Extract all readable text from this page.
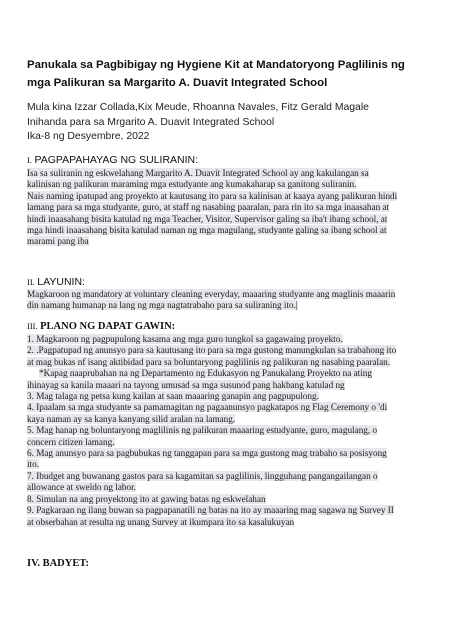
Panukala sa Pagbibigay ng Hygiene Kit at Mandatoryong Paglilinis ng
mga Palikuran sa Margarito A. Duavit Integrated School
Mula kina Izzar Collada,Kix Meude, Rhoanna Navales, Fitz Gerald Magale
Inihanda para sa Mrgarito A. Duavit Integrated School
Ika-8 ng Desyembre, 2022
I. PAGPAPAHAYAG NG SULIRANIN:
Isa sa suliranin ng eskwelahang Margarito A. Duavit Integrated School ay ang kakulangan sa
kalinisan ng palikuran maraming mga estudyante ang kumakaharap sa ganitong suliranin.
Nais naming ipatupad ang proyekto at kautusang ito para sa kalinisan at kaaya ayang palikuran hindi
lamang para sa mga studyante, guro, at staff ng nasabing paaralan, para rin ito sa mga inaasahan at
hindi inaasahang bisita katulad ng mga Teacher, Visitor, Supervisor galing sa iba't ibang school, at
mga hindi inaasahang bisita katulad naman ng mga magulang, studyante galing sa ibang school at
marami pang iba
II. LAYUNIN:
Magkaroon ng mandatory at voluntary cleaning everyday, maaaring studyante ang maglinis maaarin
din namang humanap na lang ng mga nagtatrabaho para sa suliraning ito.|
III. PLANO NG DAPAT GAWIN:
1. Magkaroon ng pagpupulong kasama ang mga guro tungkol sa gagawaing proyekto.
2. .Pagpatupad ng anunsyo para sa kautusang ito para sa mga gustong manungkulan sa trabahong ito
at mag bukas nf isang aktibidad para sa boluntaryong paglilinis ng palikuran ng nasabing paaralan.
*Kapag naaprubahan na ng Departamento ng Edukasyon ng Panukalang Proyekto na ating
ihinayag sa kanila maaari na tayong umusad sa mga susunod pang hakbang katulad ng
3. Mag talaga ng petsa kung kailan at saan maaaring ganapin ang pagpupulong.
4. Ipaalam sa mga studyante sa pamamagitan ng pagaanunsyo pagkatapos ng Flag Ceremony o 'di
kaya naman ay sa kanya kanyang silid aralan na lamang.
5. Mag hanap ng boluntaryong maglilinis ng palikuran maaaring estudyante, guro, magulang, o
concern citizen lamang.
6. Mag anunsyo para sa pagbubukas ng tanggapan para sa mga gustong mag trabaho sa posisyong
ito.
7. Ibudget ang buwanang gastos para sa kagamitan sa paglilinis, lingguhang pangangailangan o
allowance at sweldo ng labor.
8. Simulan na ang proyektong ito at gawing batas ng eskwelahan
9. Pagkaraan ng ilang buwan sa pagpapanatili ng batas na ito ay maaaring mag sagawa ng Survey II
at obserbahan at resulta ng unang Survey at ikumpara ito sa kasalukuyan
IV. BADYET:
